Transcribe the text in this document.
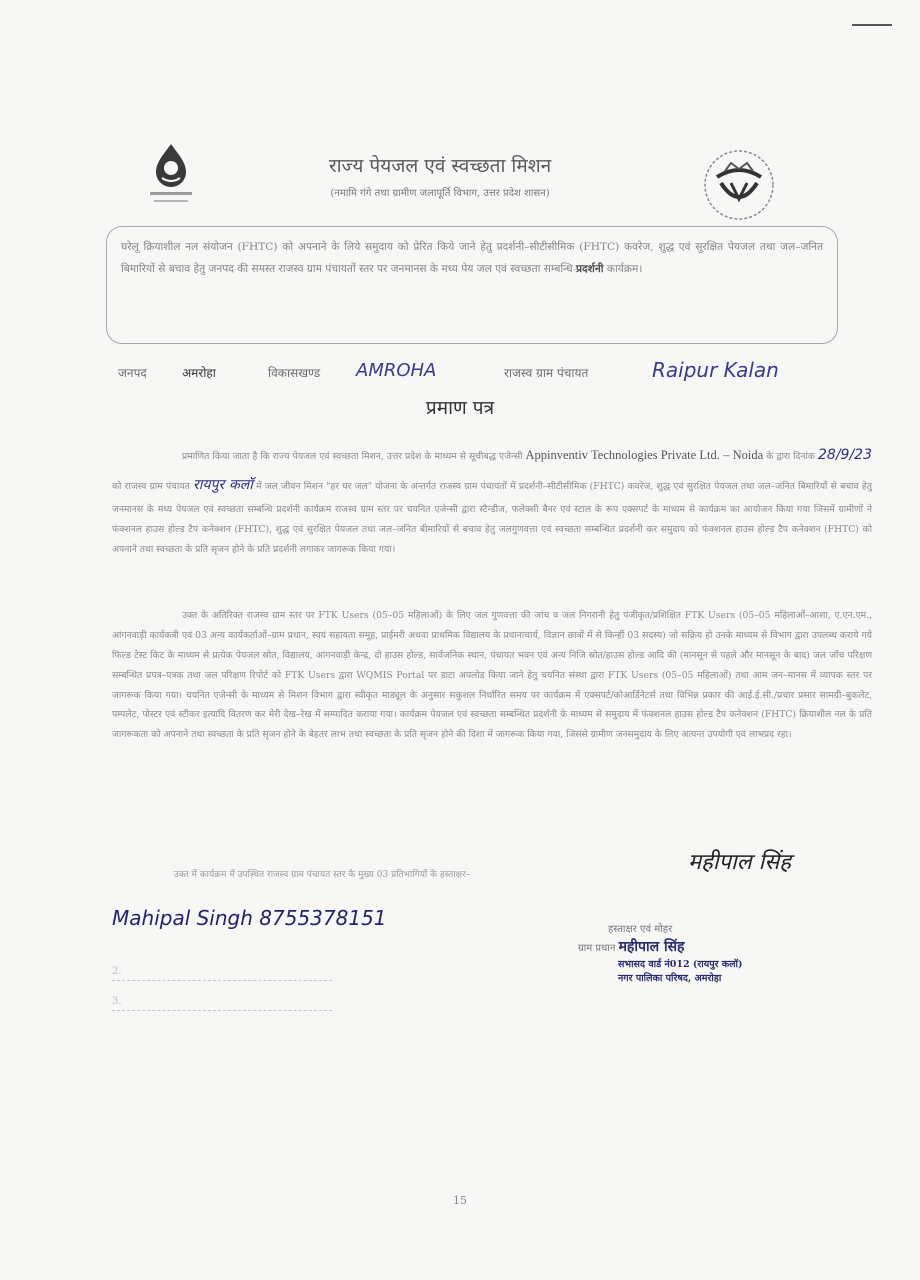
राज्य पेयजल एवं स्वच्छता मिशन
(नमामि गंगे तथा ग्रामीण जलापूर्ति विभाग, उत्तर प्रदेश शासन)
घरेलू क्रियाशील नल संयोजन (FHTC) को अपनाने के लिये समुदाय को प्रेरित किये जाने हेतु प्रदर्शनी–सीटीसीमिक (FHTC) कवरेज, शुद्ध एवं सुरक्षित पेयजल तथा जल–जनित बिमारियों से बचाव हेतु जनपद की समस्त राजस्व ग्राम पंचायतों स्तर पर जनमानस के मध्य पेय जल एवं स्वच्छता सम्बन्धि प्रदर्शनी कार्यक्रम।
जनपद	अमरोहा	विकासखण्ड AMROHA	राजस्व ग्राम पंचायत	Raipur Kalan
प्रमाण पत्र
प्रमाणित किया जाता है कि राज्य पेयजल एवं स्वच्छता मिशन, उत्तर प्रदेश के माध्यम से सूचीबद्ध एजेन्सी Appinventiv Technologies Private Ltd. – Noida के द्वारा दिनांक 28/9/23 को राजस्व ग्राम पंचायत रायपुर कलॉ में जल जीवन मिशन "हर घर जल" योजना के अन्तर्गत राजस्व ग्राम पंचायतों में प्रदर्शनी–सीटीसीमिक (FHTC) कवरेज, शुद्ध एवं सुरक्षित पेयजल तथा जल–जनित बिमारियों से बचाव हेतु जनमानस के मध्य पेयजल एवं स्वच्छता सम्बन्धि प्रदर्शनी कार्यक्रम राजस्व ग्राम स्तर पर चयनित एजेन्सी द्वारा स्टैन्डीज, फलेक्सी बैनर एवं स्टाल के रूप एक्सपर्ट के माध्यम से कार्यक्रम का आयोजन किया गया जिसमें ग्रामीणों ने फंक्शनल हाउस होल्ड टैप कनेक्शन (FHTC), शुद्ध एवं सुरक्षित पेयजल तथा जल–जनित बीमारियों से बचाव हेतु जलगुणवत्ता एवं स्वच्छता सम्बन्धित प्रदर्शनी कर समुदाय को फंक्शनल हाउस होल्ड टैप कनेक्शन (FHTC) को अपनाने तथा स्वच्छता के प्रति सृजन होने के प्रति प्रदर्शनी लगाकर जागरूक किया गया।
उक्त के अतिरिक्त राजस्व ग्राम स्तर पर FTK Users (05–05 महिलाओं) के लिए जल गुणवत्ता की जांच व जल निगरानी हेतु पंजीकृत/प्रशिक्षित FTK Users (05–05 महिलाओं–आशा, ए.एन.एम., आंगनवाड़ी कार्यकत्री एवं 03 अन्य कार्यकर्ताओं–ग्राम प्रधान, स्वयं सहायता समूह, प्राईमरी अथवा प्राथमिक विद्यालय के प्रधानाचार्य, विज्ञान छात्रों में से किन्हीं 03 सदस्य) जो सक्रिय हो उनके माध्यम से विभाग द्वारा उपलब्ध कराये गये फिल्ड टेस्ट किट के माध्यम से प्रत्येक पेयजल स्रोत, विद्यालय, आंगनवाड़ी केन्द्र, दो हाउस होल्ड, सार्वजनिक स्थान, पंचायत भवन एवं अन्य निजि स्रोत/हाउस होल्ड आदि की (मानसून से पहले और मानसून के बाद) जल जाँच परिक्षण सम्बन्धित प्रपत्र–पत्रक तथा जल परिक्षण रिपोर्ट को FTK Users द्वारा WQMIS Portal पर डाटा अपलोड किया जाने हेतु चयनित संस्था द्वारा FTK Users (05–05 महिलाओं) तथा आम जन–मानस में व्यापक स्तर पर जागरूक किया गया। चयनित एजेन्सी के माध्यम से मिशन विभाग द्वारा स्वीकृत माड्यूल के अनुसार सकुशल निर्धारित समय पर कार्यक्रम में एक्सपर्ट/कोआर्डिनेटर्स तथा विभिन्न प्रकार की आई.ई.सी./प्रचार प्रसार सामग्री–बुकलेट, पम्पलेट, पोस्टर एवं स्टीकर इत्यादि वितरण कर मेरी देख–रेख में सम्पादित कराया गया। कार्यक्रम पेयजल एवं स्वच्छता सम्बन्धित प्रदर्शनी के माध्यम से समुदाय में फंक्शनल हाउस होल्ड टैप कनेक्शन (FHTC) क्रियाशील नल के प्रति जागरूकता को अपनाने तथा स्वच्छता के प्रति सृजन होने के बेहतर लाभ तथा स्वच्छता के प्रति सृजन होने की दिशा में जागरूक किया गया, जिससे ग्रामीण जनसमुदाय के लिए अत्यन्त उपयोगी एवं लाभप्रद रहा।
उक्त में कार्यक्रम में उपस्थित राजस्व ग्राम पंचायत स्तर के मुख्य 03 प्रतिभागियों के हस्ताक्षर–
Mahipal Singh 8755378151
2.
3.
महीपाल सिंह
हस्ताक्षर एवं मोहर
ग्राम प्रधान महीपाल सिंह
सभासद वार्ड नं012 (रायपुर कलॉ)
नगर पालिका परिषद, अमरोहा
15
